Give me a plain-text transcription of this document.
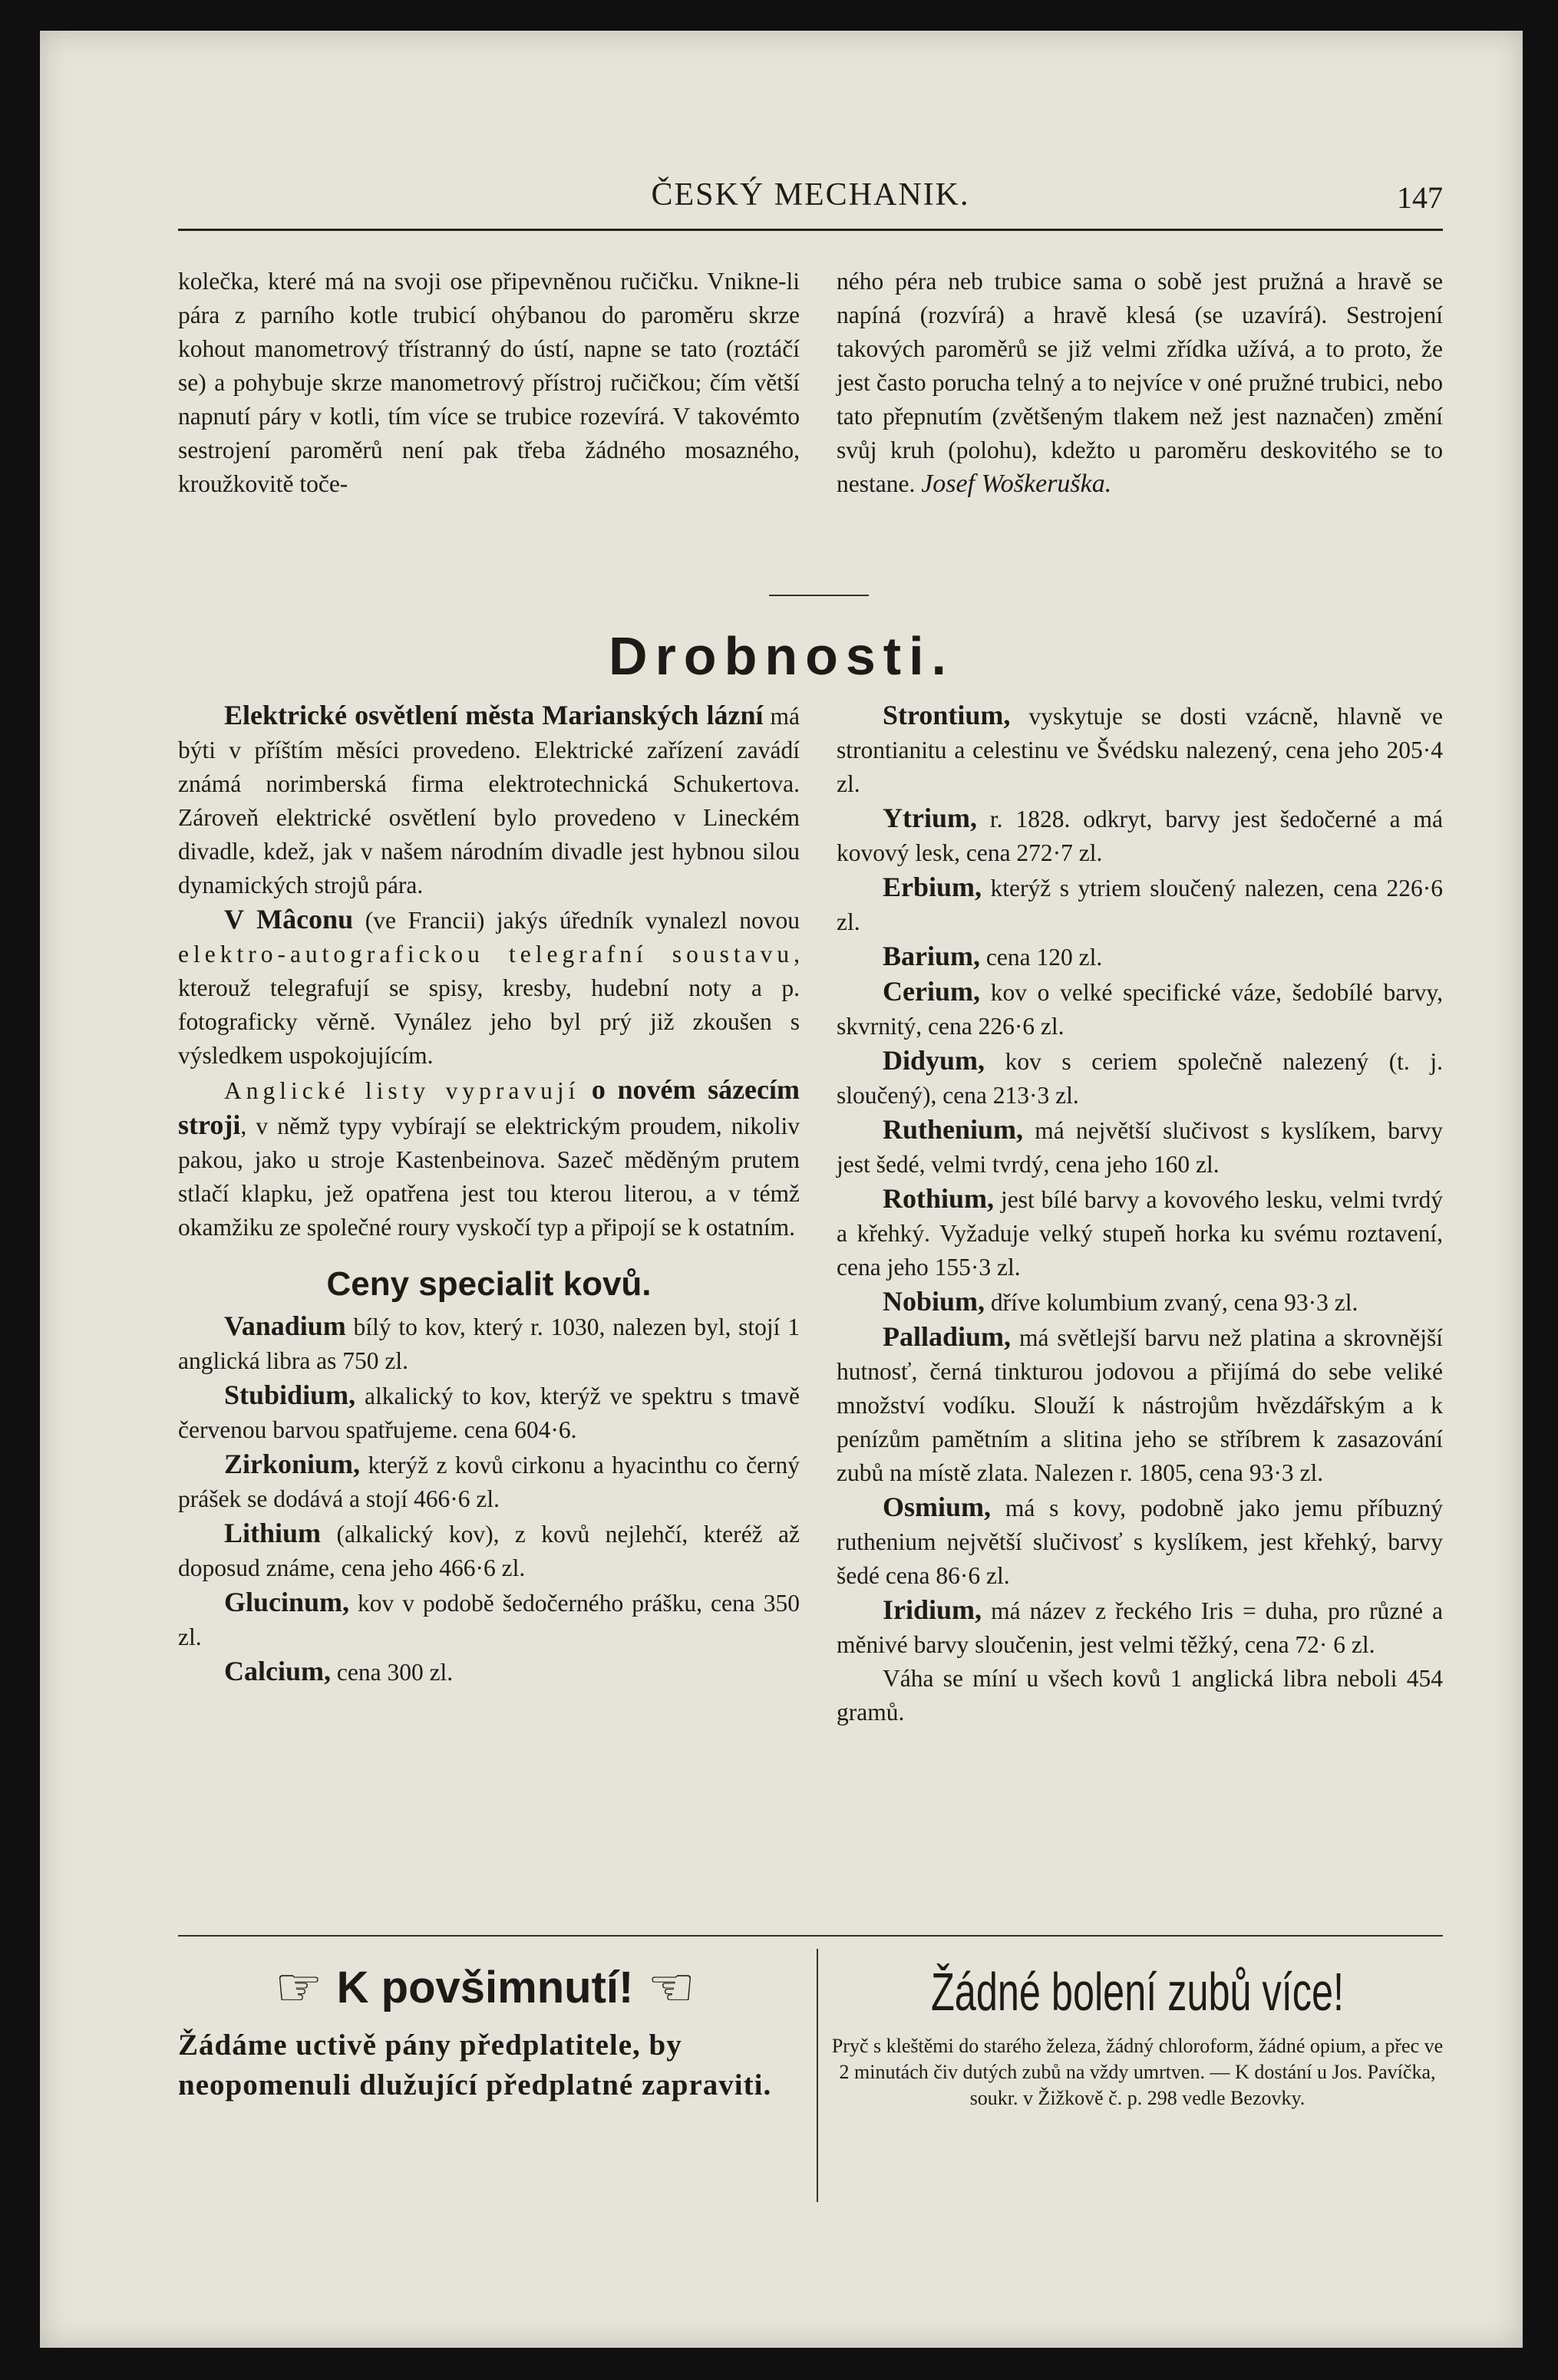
ČESKÝ MECHANIK.	147

kolečka, které má na svoji ose připevněnou ručičku. Vnikne-li pára z parního kotle trubicí ohýbanou do paroměru skrze kohout manometrový třístranný do ústí, napne se tato (roztáčí se) a pohybuje skrze manometrový přístroj ručičkou; čím větší napnutí páry v kotli, tím více se trubice rozevírá. V takovémto sestrojení paroměrů není pak třeba žádného mosazného, kroužkovitě toče-

ného péra neb trubice sama o sobě jest pružná a hravě se napíná (rozvírá) a hravě klesá (se uzavírá). Sestrojení takových paroměrů se již velmi zřídka užívá, a to proto, že jest často porucha telný a to nejvíce v oné pružné trubici, nebo tato přepnutím (zvětšeným tlakem než jest naznačen) změní svůj kruh (polohu), kdežto u paroměru deskovitého se to nestane. Josef Woškeruška.

Drobnosti.

Elektrické osvětlení města Marianských lázní má býti v příštím měsíci provedeno. Elektrické zařízení zavádí známá norimberská firma elektrotechnická Schukertova. Zároveň elektrické osvětlení bylo provedeno v Lineckém divadle, kdež, jak v našem národním divadle jest hybnou silou dynamických strojů pára.

V Mâconu (ve Francii) jakýs úředník vynalezl novou elektro-autografickou telegrafní soustavu, kterouž telegrafují se spisy, kresby, hudební noty a p. fotograficky věrně. Vynález jeho byl prý již zkoušen s výsledkem uspokojujícím.

Anglické listy vypravují o novém sázecím stroji, v němž typy vybírají se elektrickým proudem, nikoliv pakou, jako u stroje Kastenbeinova. Sazeč měděným prutem stlačí klapku, jež opatřena jest tou kterou literou, a v témž okamžiku ze společné roury vyskočí typ a připojí se k ostatním.

Ceny specialit kovů.

Vanadium bílý to kov, který r. 1030, nalezen byl, stojí 1 anglická libra as 750 zl.

Stubidium, alkalický to kov, kterýž ve spektru s tmavě červenou barvou spatřujeme. cena 604·6.

Zirkonium, kterýž z kovů cirkonu a hyacinthu co černý prášek se dodává a stojí 466·6 zl.

Lithium (alkalický kov), z kovů nejlehčí, kteréž až doposud známe, cena jeho 466·6 zl.

Glucinum, kov v podobě šedočerného prášku, cena 350 zl.

Calcium, cena 300 zl.

Strontium, vyskytuje se dosti vzácně, hlavně ve strontianitu a celestinu ve Švédsku nalezený, cena jeho 205·4 zl.

Ytrium, r. 1828. odkryt, barvy jest šedočerné a má kovový lesk, cena 272·7 zl.

Erbium, kterýž s ytriem sloučený nalezen, cena 226·6 zl.

Barium, cena 120 zl.

Cerium, kov o velké specifické váze, šedobílé barvy, skvrnitý, cena 226·6 zl.

Didyum, kov s ceriem společně nalezený (t. j. sloučený), cena 213·3 zl.

Ruthenium, má největší slučivost s kyslíkem, barvy jest šedé, velmi tvrdý, cena jeho 160 zl.

Rothium, jest bílé barvy a kovového lesku, velmi tvrdý a křehký. Vyžaduje velký stupeň horka ku svému roztavení, cena jeho 155·3 zl.

Nobium, dříve kolumbium zvaný, cena 93·3 zl.

Palladium, má světlejší barvu než platina a skrovnější hutnosť, černá tinkturou jodovou a přijímá do sebe veliké množství vodíku. Slouží k nástrojům hvězdářským a k penízům pamětním a slitina jeho se stříbrem k zasazování zubů na místě zlata. Nalezen r. 1805, cena 93·3 zl.

Osmium, má s kovy, podobně jako jemu příbuzný ruthenium největší slučivosť s kyslíkem, jest křehký, barvy šedé cena 86·6 zl.

Iridium, má název z řeckého Iris = duha, pro různé a měnivé barvy sloučenin, jest velmi těžký, cena 72· 6 zl.

Váha se míní u všech kovů 1 anglická libra neboli 454 gramů.

☞ K povšimnutí! ☜
Žádáme uctivě pány předplatitele, by neopomenuli dlužující předplatné zapraviti.
Žádné bolení zubů více!
Pryč s kleštěmi do starého železa, žádný chloroform, žádné opium, a přec ve 2 minutách čiv dutých zubů na vždy umrtven. — K dostání u Jos. Pavíčka, soukr. v Žižkově č. p. 298 vedle Bezovky.
